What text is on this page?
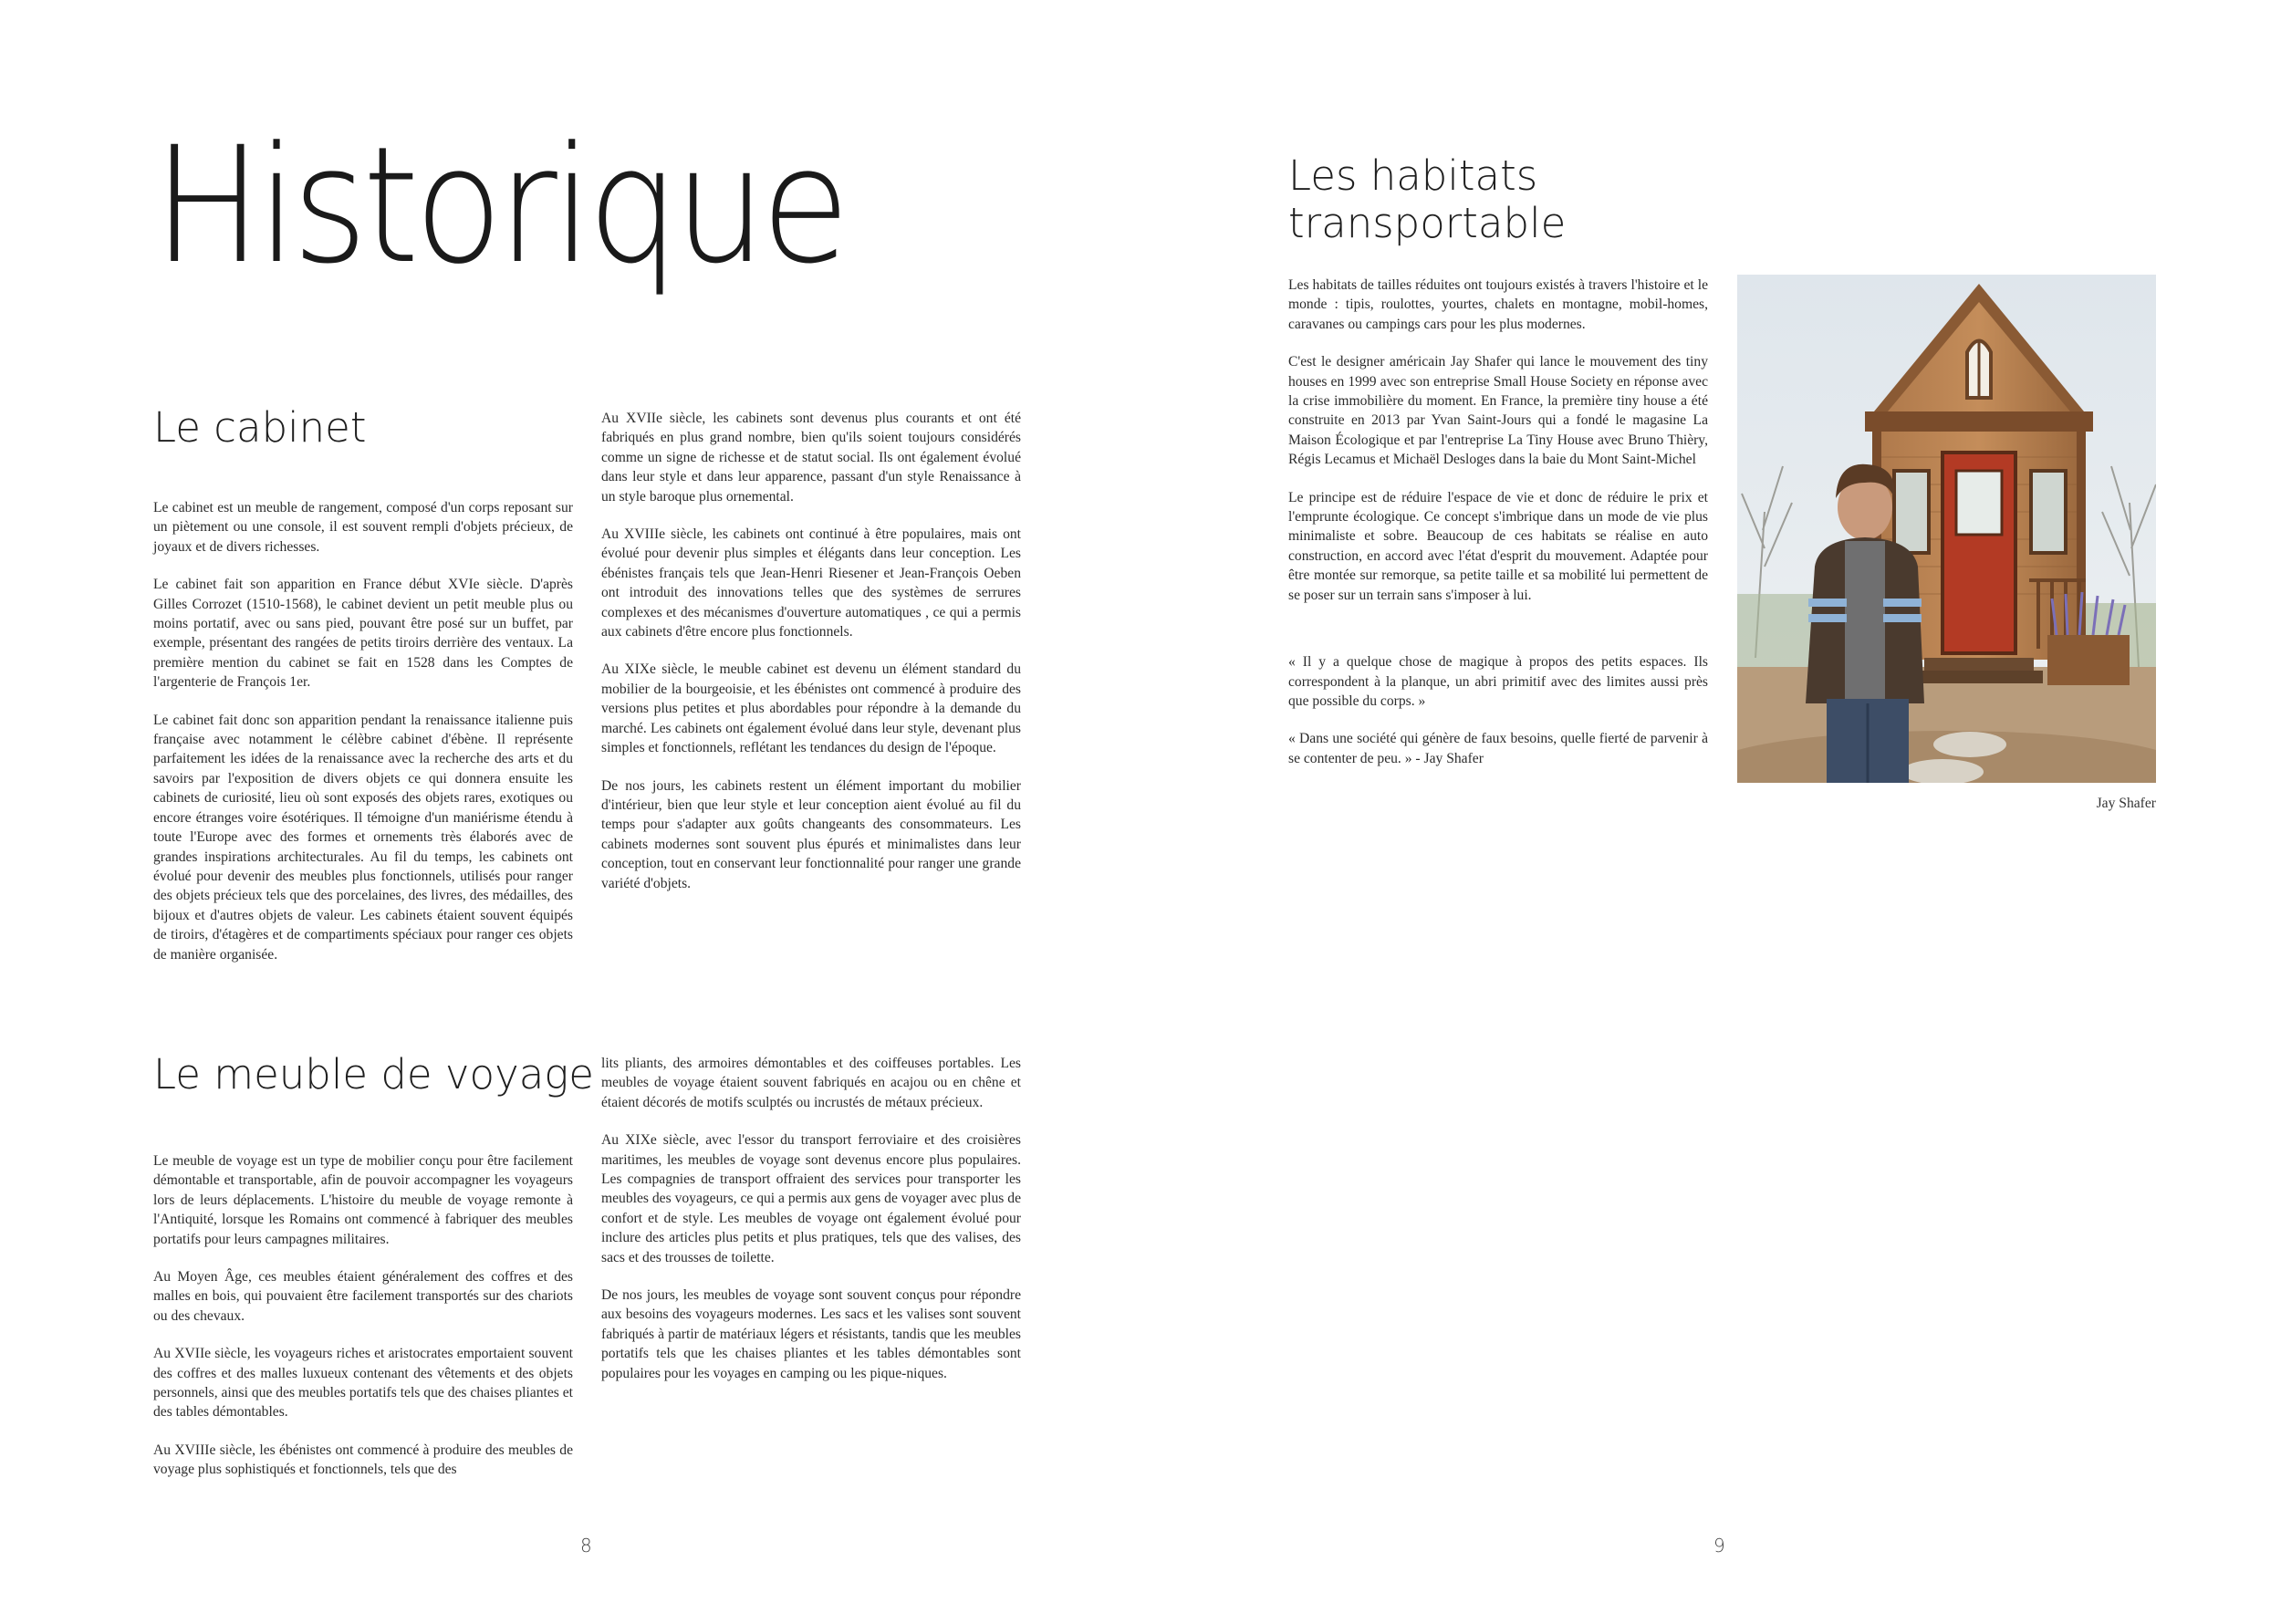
Historique
Le cabinet

Le cabinet est un meuble de rangement, composé d'un corps reposant sur un piètement ou une console, il est souvent rempli d'objets précieux, de joyaux et de divers richesses.

Le cabinet fait son apparition en France début XVIe siècle. D'après Gilles Corrozet (1510-1568), le cabinet devient un petit meuble plus ou moins portatif, avec ou sans pied, pouvant être posé sur un buffet, par exemple, présentant des rangées de petits tiroirs derrière des ventaux. La première mention du cabinet se fait en 1528 dans les Comptes de l'argenterie de François 1er.

Le cabinet fait donc son apparition pendant la renaissance italienne puis française avec notamment le célèbre cabinet d'ébène. Il représente parfaitement les idées de la renaissance avec la recherche des arts et du savoirs par l'exposition de divers objets ce qui donnera ensuite les cabinets de curiosité, lieu où sont exposés des objets rares, exotiques ou encore étranges voire ésotériques. Il témoigne d'un maniérisme étendu à toute l'Europe avec des formes et ornements très élaborés avec de grandes inspirations architecturales. Au fil du temps, les cabinets ont évolué pour devenir des meubles plus fonctionnels, utilisés pour ranger des objets précieux tels que des porcelaines, des livres, des médailles, des bijoux et d'autres objets de valeur. Les cabinets étaient souvent équipés de tiroirs, d'étagères et de compartiments spéciaux pour ranger ces objets de manière organisée.

Au XVIIe siècle, les cabinets sont devenus plus courants et ont été fabriqués en plus grand nombre, bien qu'ils soient toujours considérés comme un signe de richesse et de statut social. Ils ont également évolué dans leur style et dans leur apparence, passant d'un style Renaissance à un style baroque plus ornemental.

Au XVIIIe siècle, les cabinets ont continué à être populaires, mais ont évolué pour devenir plus simples et élégants dans leur conception. Les ébénistes français tels que Jean-Henri Riesener et Jean-François Oeben ont introduit des innovations telles que des systèmes de serrures complexes et des mécanismes d'ouverture automatiques , ce qui a permis aux cabinets d'être encore plus fonctionnels.

Au XIXe siècle, le meuble cabinet est devenu un élément standard du mobilier de la bourgeoisie, et les ébénistes ont commencé à produire des versions plus petites et plus abordables pour répondre à la demande du marché. Les cabinets ont également évolué dans leur style, devenant plus simples et fonctionnels, reflétant les tendances du design de l'époque.

De nos jours, les cabinets restent un élément important du mobilier d'intérieur, bien que leur style et leur conception aient évolué au fil du temps pour s'adapter aux goûts changeants des consommateurs. Les cabinets modernes sont souvent plus épurés et minimalistes dans leur conception, tout en conservant leur fonctionnalité pour ranger une grande variété d'objets.

Le meuble de voyage

Le meuble de voyage est un type de mobilier conçu pour être facilement démontable et transportable, afin de pouvoir accompagner les voyageurs lors de leurs déplacements. L'histoire du meuble de voyage remonte à l'Antiquité, lorsque les Romains ont commencé à fabriquer des meubles portatifs pour leurs campagnes militaires.

Au Moyen Âge, ces meubles étaient généralement des coffres et des malles en bois, qui pouvaient être facilement transportés sur des chariots ou des chevaux.

Au XVIIe siècle, les voyageurs riches et aristocrates emportaient souvent des coffres et des malles luxueux contenant des vêtements et des objets personnels, ainsi que des meubles portatifs tels que des chaises pliantes et des tables démontables.

Au XVIIIe siècle, les ébénistes ont commencé à produire des meubles de voyage plus sophistiqués et fonctionnels, tels que des

lits pliants, des armoires démontables et des coiffeuses portables. Les meubles de voyage étaient souvent fabriqués en acajou ou en chêne et étaient décorés de motifs sculptés ou incrustés de métaux précieux.

Au XIXe siècle, avec l'essor du transport ferroviaire et des croisières maritimes, les meubles de voyage sont devenus encore plus populaires. Les compagnies de transport offraient des services pour transporter les meubles des voyageurs, ce qui a permis aux gens de voyager avec plus de confort et de style. Les meubles de voyage ont également évolué pour inclure des articles plus petits et plus pratiques, tels que des valises, des sacs et des trousses de toilette.

De nos jours, les meubles de voyage sont souvent conçus pour répondre aux besoins des voyageurs modernes. Les sacs et les valises sont souvent fabriqués à partir de matériaux légers et résistants, tandis que les meubles portatifs tels que les chaises pliantes et les tables démontables sont populaires pour les voyages en camping ou les pique-niques.

8
Les habitats
transportable

Les habitats de tailles réduites ont toujours existés à travers l'histoire et le monde : tipis, roulottes, yourtes, chalets en montagne, mobil-homes, caravanes ou campings cars pour les plus modernes.

C'est le designer américain Jay Shafer qui lance le mouvement des tiny houses en 1999 avec son entreprise Small House Society en réponse avec la crise immobilière du moment. En France, la première tiny house a été construite en 2013 par Yvan Saint-Jours qui a fondé le magasine La Maison Écologique et par l'entreprise La Tiny House avec Bruno Thièry, Régis Lecamus et Michaël Desloges dans la baie du Mont Saint-Michel

Le principe est de réduire l'espace de vie et donc de réduire le prix et l'emprunte écologique. Ce concept s'imbrique dans un mode de vie plus minimaliste et sobre. Beaucoup de ces habitats se réalise en auto construction, en accord avec l'état d'esprit du mouvement. Adaptée pour être montée sur remorque, sa petite taille et sa mobilité lui permettent de se poser sur un terrain sans s'imposer à lui.

« Il y a quelque chose de magique à propos des petits espaces. Ils correspondent à la planque, un abri primitif avec des limites aussi près que possible du corps. »

« Dans une société qui génère de faux besoins, quelle fierté de parvenir à se contenter de peu. » - Jay Shafer

Jay Shafer
9
